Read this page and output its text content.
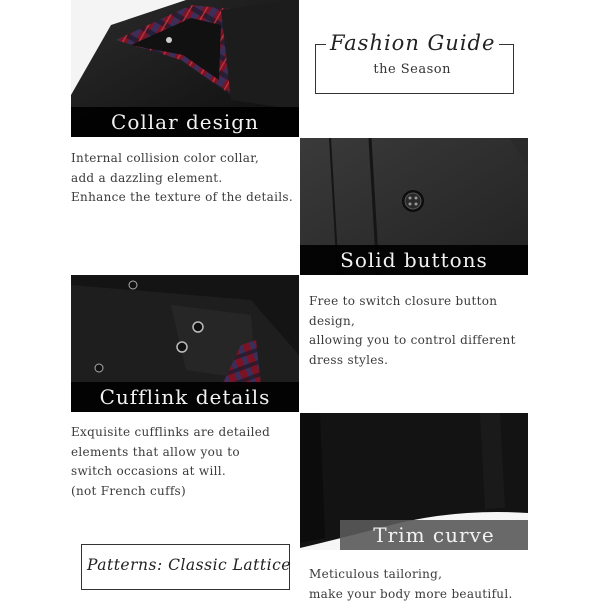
Collar design
Fashion Guide
the Season
Internal collision color collar,
add a dazzling element.
Enhance the texture of the details.
Solid buttons
Cufflink details
Free to switch closure button
design,
allowing you to control different
dress styles.
Exquisite cufflinks are detailed
elements that allow you to
switch occasions at will.
(not French cuffs)
Trim curve
Patterns: Classic Lattice Meticulous tailoring,
make your body more beautiful.
